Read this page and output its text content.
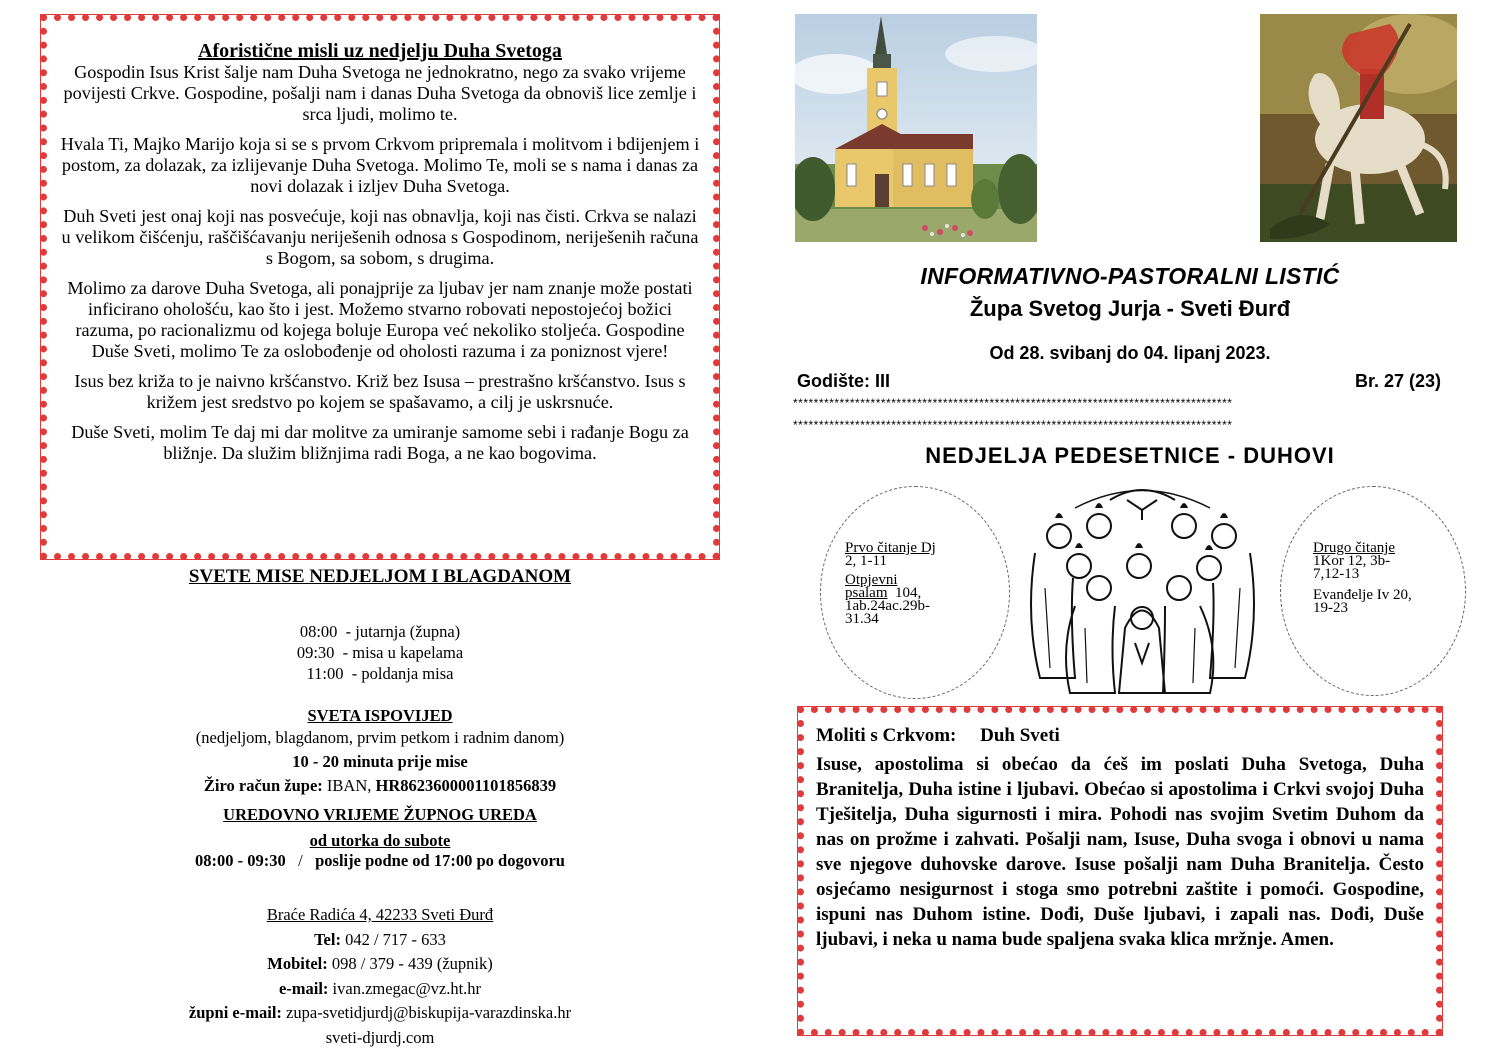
Aforistične misli uz nedjelju Duha Svetoga

Gospodin Isus Krist šalje nam Duha Svetoga ne jednokratno, nego za svako vrijeme povijesti Crkve. Gospodine, pošalji nam i danas Duha Svetoga da obnoviš lice zemlje i srca ljudi, molimo te.

Hvala Ti, Majko Marijo koja si se s prvom Crkvom pripremala i molitvom i bdijenjem i postom, za dolazak, za izlijevanje Duha Svetoga. Molimo Te, moli se s nama i danas za novi dolazak i izljev Duha Svetoga.

Duh Sveti jest onaj koji nas posvećuje, koji nas obnavlja, koji nas čisti. Crkva se nalazi u velikom čišćenju, raščišćavanju neriješenih odnosa s Gospodinom, neriješenih računa s Bogom, sa sobom, s drugima.

Molimo za darove Duha Svetoga, ali ponajprije za ljubav jer nam znanje može postati inficirano ohološću, kao što i jest. Možemo stvarno robovati nepostojećoj božici razuma, po racionalizmu od kojega boluje Europa već nekoliko stoljeća. Gospodine Duše Sveti, molimo Te za oslobođenje od oholosti razuma i za poniznost vjere!

Isus bez križa to je naivno kršćanstvo. Križ bez Isusa – prestrašno kršćanstvo. Isus s križem jest sredstvo po kojem se spašavamo, a cilj je uskrsnuće.

Duše Sveti, molim Te daj mi dar molitve za umiranje samome sebi i rađanje Bogu za bližnje. Da služim bližnjima radi Boga, a ne kao bogovima.

SVETE MISE NEDJELJOM I BLAGDANOM
08:00 - jutarnja (župna)
09:30 - misa u kapelama
11:00 - poldanja misa
SVETA ISPOVIJED
(nedjeljom, blagdanom, prvim petkom i radnim danom)
10 - 20 minuta prije mise
Žiro račun župe: IBAN, HR8623600001101856839
UREDOVNO VRIJEME ŽUPNOG UREDA
od utorka do subote
08:00 - 09:30 / poslije podne od 17:00 po dogovoru
Braće Radića 4, 42233 Sveti Đurđ
Tel: 042 / 717 - 633
Mobitel: 098 / 379 - 439 (župnik)
e-mail: ivan.zmegac@vz.ht.hr
župni e-mail: zupa-svetidjurdj@biskupija-varazdinska.hr
sveti-djurdj.com
INFORMATIVNO-PASTORALNI LISTIĆ
Župa Svetog Jurja - Sveti Đurđ
Od 28. svibanj do 04. lipanj 2023.
Godište: III	Br. 27 (23)
*************************************************************************************
*************************************************************************************
NEDJELJA PEDESETNICE - DUHOVI
Prvo čitanje Dj
2, 1-11
Otpjevni
psalam 104,
1ab.24ac.29b-
31.34
Drugo čitanje
1Kor 12, 3b-
7,12-13
Evanđelje Iv 20,
19-23
Moliti s Crkvom: Duh Sveti
Isuse, apostolima si obećao da ćeš im poslati Duha Svetoga, Duha Branitelja, Duha istine i ljubavi. Obećao si apostolima i Crkvi svojoj Duha Tješitelja, Duha sigurnosti i mira. Pohodi nas svojim Svetim Duhom da nas on prožme i zahvati. Pošalji nam, Isuse, Duha svoga i obnovi u nama sve njegove duhovske darove. Isuse pošalji nam Duha Branitelja. Često osjećamo nesigurnost i stoga smo potrebni zaštite i pomoći. Gospodine, ispuni nas Duhom istine. Dođi, Duše ljubavi, i zapali nas. Dođi, Duše ljubavi, i neka u nama bude spaljena svaka klica mržnje. Amen.
